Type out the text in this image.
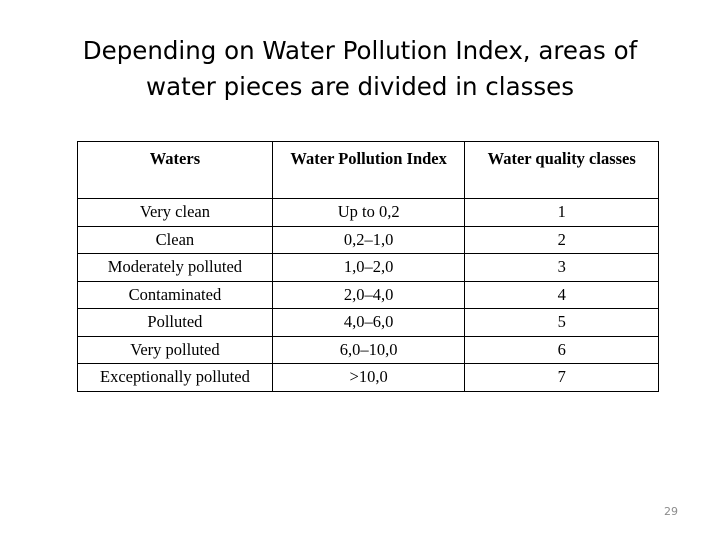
Depending on Water Pollution Index, areas of
water pieces are divided in classes
Waters	Water Pollution Index	Water quality classes
Very clean	Up to 0,2	1
Clean	0,2–1,0	2
Moderately polluted	1,0–2,0	3
Contaminated	2,0–4,0	4
Polluted	4,0–6,0	5
Very polluted	6,0–10,0	6
Exceptionally polluted	>10,0	7
29
